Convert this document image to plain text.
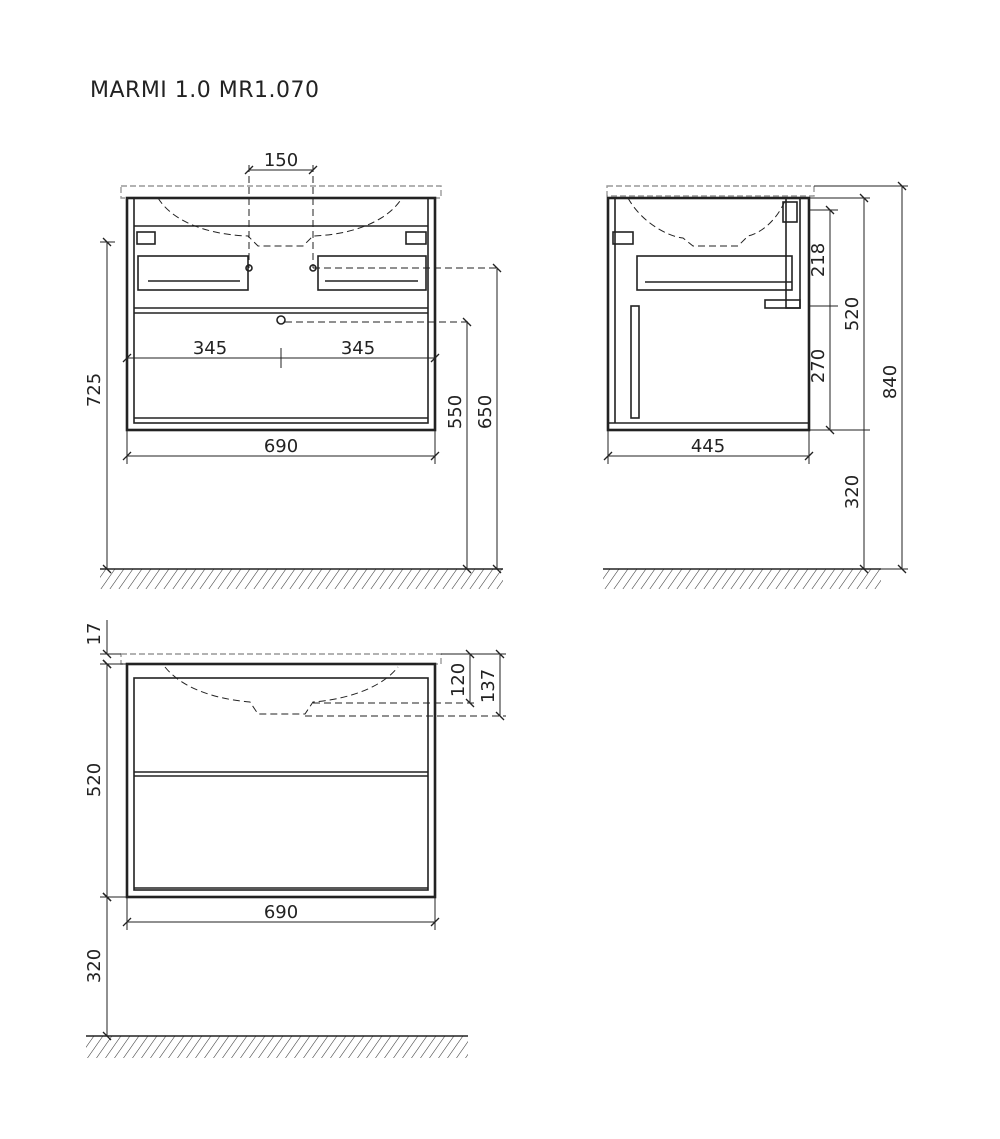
MARMI 1.0 MR1.070
150
345	345
690
725
550 650
445
218
270
520
320
840
17
520
320
690
120 137
